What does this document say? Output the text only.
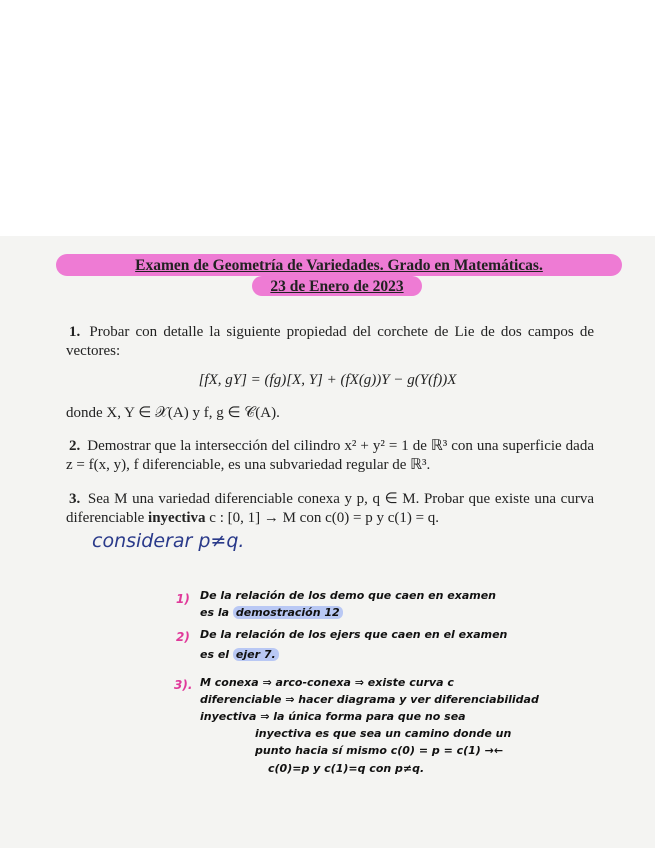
Examen de Geometría de Variedades. Grado en Matemáticas.
23 de Enero de 2023
1. Probar con detalle la siguiente propiedad del corchete de Lie de dos campos de vectores:
[fX, gY] = (fg)[X, Y] + (fX(g))Y − g(Y(f))X
donde X, Y ∈ 𝒳(A) y f, g ∈ 𝒞(A).
2. Demostrar que la intersección del cilindro x² + y² = 1 de ℝ³ con una superficie dada z = f(x, y), f diferenciable, es una subvariedad regular de ℝ³.
3. Sea M una variedad diferenciable conexa y p, q ∈ M. Probar que existe una curva diferenciable inyectiva c : [0, 1] → M con c(0) = p y c(1) = q.
considerar p≠q.
1) De la relación de los demo que caen en examen
es la demostración 12
2) De la relación de los ejers que caen en el examen
es el ejer 7.
3). M conexa ⇒ arco-conexa ⇒ existe curva c
diferenciable ⇒ hacer diagrama y ver diferenciabilidad
inyectiva ⇒ la única forma para que no sea
inyectiva es que sea un camino donde un
punto hacia sí mismo c(0) = p = c(1) →←
c(0)=p y c(1)=q con p≠q.
